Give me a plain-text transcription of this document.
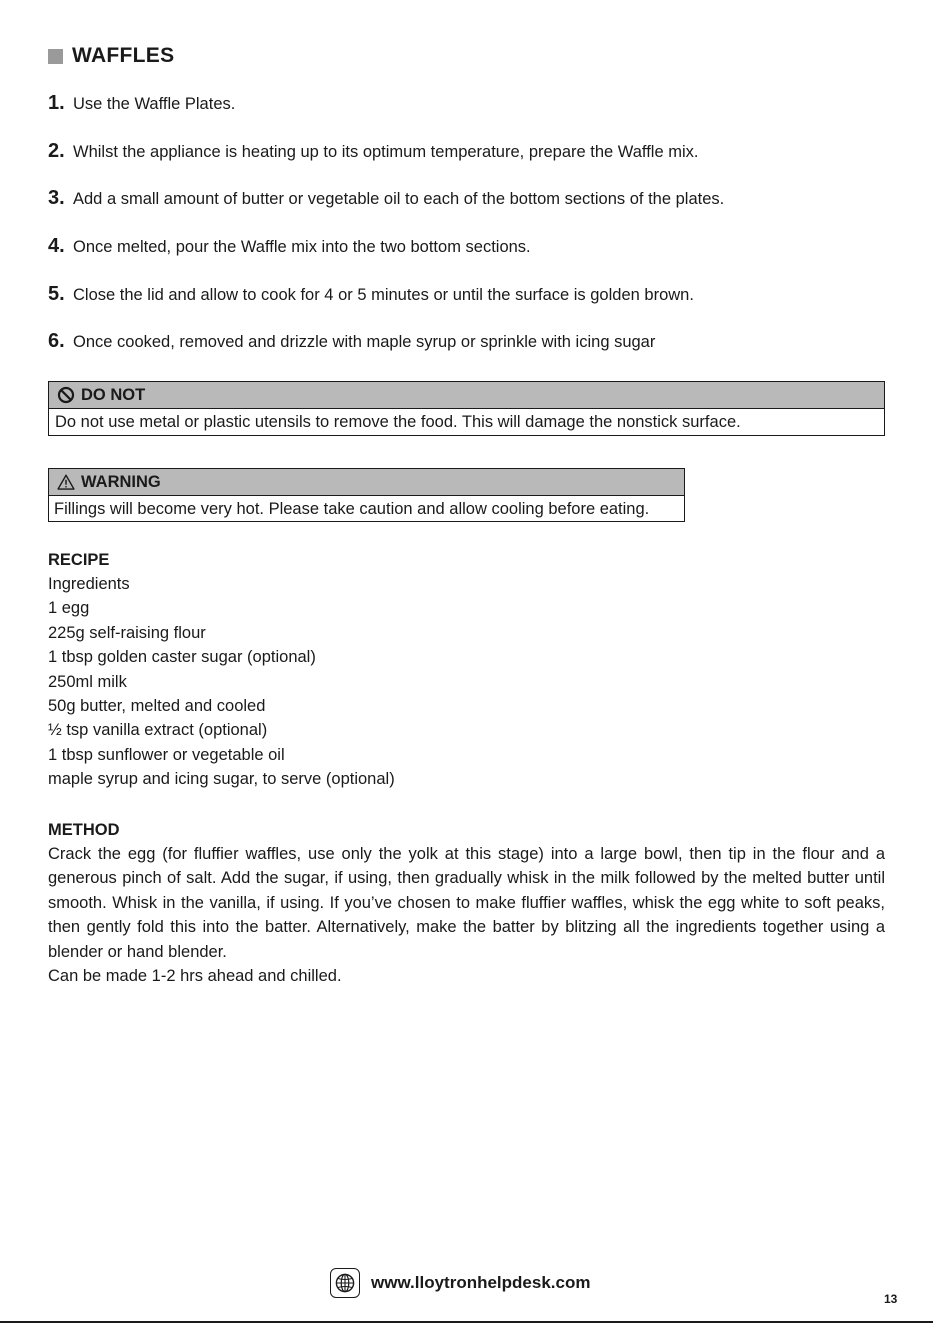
WAFFLES
1. Use the Waffle Plates.
2. Whilst the appliance is heating up to its optimum temperature, prepare the Waffle mix.
3. Add a small amount of butter or vegetable oil to each of the bottom sections of the plates.
4. Once melted, pour the Waffle mix into the two bottom sections.
5. Close the lid and allow to cook for 4 or 5 minutes or until the surface is golden brown.
6. Once cooked, removed and drizzle with maple syrup or sprinkle with icing sugar
DO NOT
Do not use metal or plastic utensils to remove the food. This will damage the nonstick surface.
WARNING
Fillings will become very hot. Please take caution and allow cooling before eating.
RECIPE
Ingredients
1 egg
225g self-raising flour
1 tbsp golden caster sugar (optional)
250ml milk
50g butter, melted and cooled
½ tsp vanilla extract (optional)
1 tbsp sunflower or vegetable oil
maple syrup and icing sugar, to serve (optional)
METHOD

Crack the egg (for fluffier waffles, use only the yolk at this stage) into a large bowl, then tip in the flour and a generous pinch of salt. Add the sugar, if using, then gradually whisk in the milk followed by the melted butter until smooth. Whisk in the vanilla, if using. If you’ve chosen to make fluffier waffles, whisk the egg white to soft peaks, then gently fold this into the batter. Alternatively, make the batter by blitzing all the ingredients together using a blender or hand blender.

Can be made 1-2 hrs ahead and chilled.
www.lloytronhelpdesk.com
13
